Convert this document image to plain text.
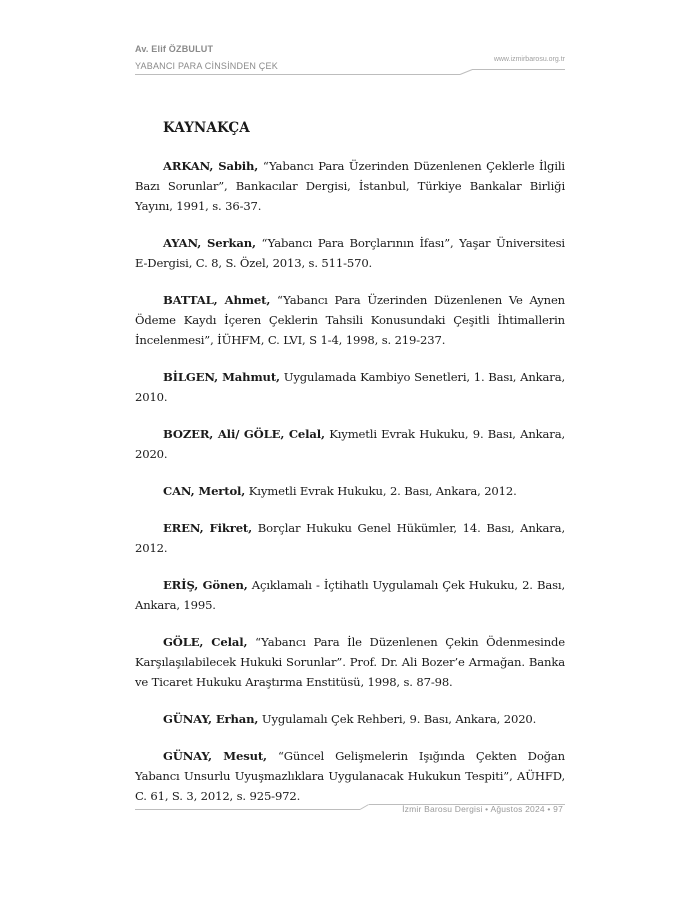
Av. Elif ÖZBULUT
YABANCI PARA CİNSİNDEN ÇEK
www.izmirbarosu.org.tr
KAYNAKÇA

ARKAN, Sabih, “Yabancı Para Üzerinden Düzenlenen Çeklerle İlgili Bazı Sorunlar”, Bankacılar Dergisi, İstanbul, Türkiye Bankalar Birliği Yayını, 1991, s. 36-37.

AYAN, Serkan, “Yabancı Para Borçlarının İfası”, Yaşar Üniversitesi E-Dergisi, C. 8, S. Özel, 2013, s. 511-570.

BATTAL, Ahmet, “Yabancı Para Üzerinden Düzenlenen Ve Aynen Ödeme Kaydı İçeren Çeklerin Tahsili Konusundaki Çeşitli İhtimallerin İncelenmesi”, İÜHFM, C. LVI, S 1-4, 1998, s. 219-237.

BİLGEN, Mahmut, Uygulamada Kambiyo Senetleri, 1. Bası, Ankara, 2010.

BOZER, Ali/ GÖLE, Celal, Kıymetli Evrak Hukuku, 9. Bası, Ankara, 2020.

CAN, Mertol, Kıymetli Evrak Hukuku, 2. Bası, Ankara, 2012.

EREN, Fikret, Borçlar Hukuku Genel Hükümler, 14. Bası, Ankara, 2012.

ERİŞ, Gönen, Açıklamalı - İçtihatlı Uygulamalı Çek Hukuku, 2. Bası, Ankara, 1995.

GÖLE, Celal, “Yabancı Para İle Düzenlenen Çekin Ödenmesinde Karşılaşılabilecek Hukuki Sorunlar”. Prof. Dr. Ali Bozer’e Armağan. Banka ve Ticaret Hukuku Araştırma Enstitüsü, 1998, s. 87-98.

GÜNAY, Erhan, Uygulamalı Çek Rehberi, 9. Bası, Ankara, 2020.

GÜNAY, Mesut, “Güncel Gelişmelerin Işığında Çekten Doğan Yabancı Unsurlu Uyuşmazlıklara Uygulanacak Hukukun Tespiti”, AÜHFD, C. 61, S. 3, 2012, s. 925-972.

İzmir Barosu Dergisi • Ağustos 2024 • 97
